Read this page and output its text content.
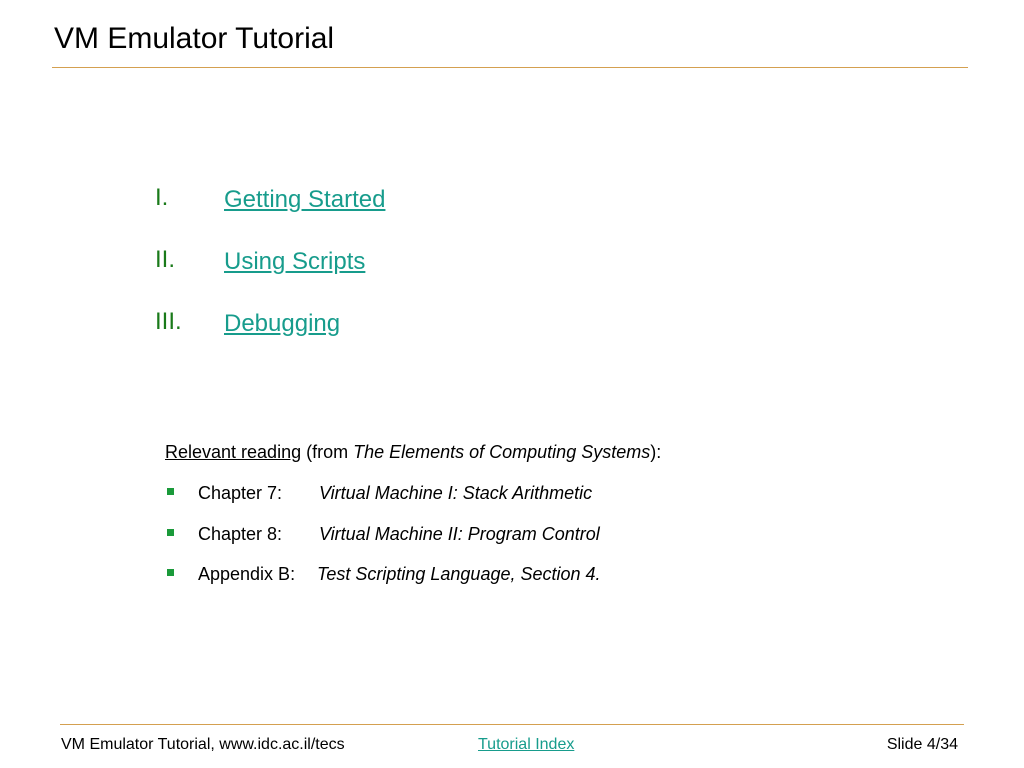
VM Emulator Tutorial
I. Getting Started
II. Using Scripts
III. Debugging
Relevant reading (from The Elements of Computing Systems):
Chapter 7: Virtual Machine I: Stack Arithmetic
Chapter 8: Virtual Machine II: Program Control
Appendix B: Test Scripting Language, Section 4.
VM Emulator Tutorial, www.idc.ac.il/tecs	Tutorial Index	Slide 4/34
